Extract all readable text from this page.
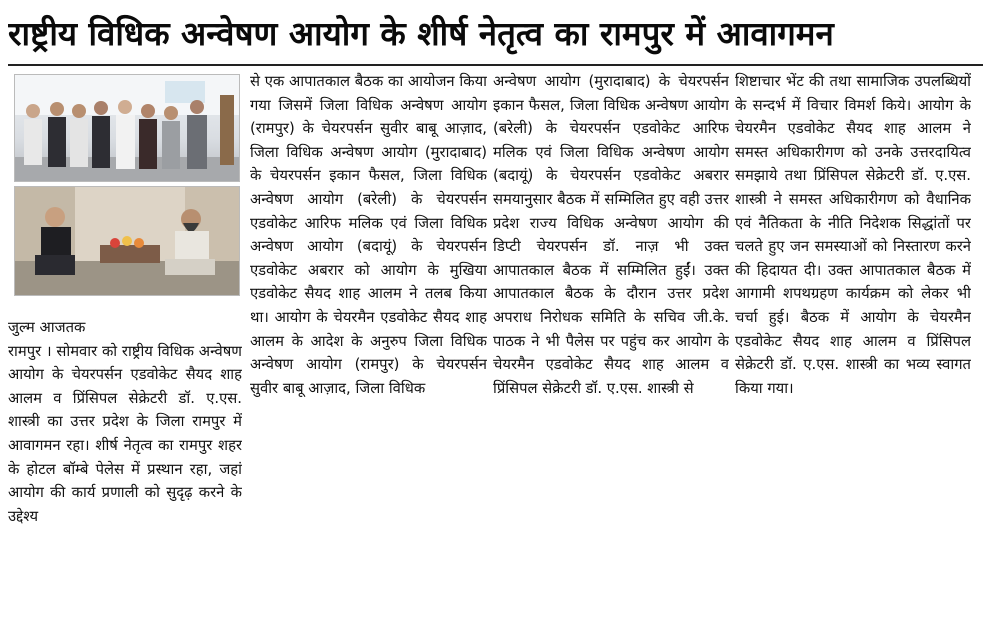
राष्ट्रीय विधिक अन्वेषण आयोग के शीर्ष नेतृत्व का रामपुर में आवागमन

जुल्म आजतक

रामपुर । सोमवार को राष्ट्रीय विधिक अन्वेषण आयोग के चेयरपर्सन एडवोकेट सैयद शाह आलम व प्रिंसिपल सेक्रेटरी डॉ. ए.एस. शास्त्री का उत्तर प्रदेश के जिला रामपुर में आवागमन रहा। शीर्ष नेतृत्व का रामपुर शहर के होटल बॉम्बे पेलेस में प्रस्थान रहा, जहां आयोग की कार्य प्रणाली को सुदृढ़ करने के उद्देश्य

से एक आपातकाल बैठक का आयोजन किया गया जिसमें जिला विधिक अन्वेषण आयोग (रामपुर) के चेयरपर्सन सुवीर बाबू आज़ाद, जिला विधिक अन्वेषण आयोग (मुरादाबाद) के चेयरपर्सन इकान फैसल, जिला विधिक अन्वेषण आयोग (बरेली) के चेयरपर्सन एडवोकेट आरिफ मलिक एवं जिला विधिक अन्वेषण आयोग (बदायूं) के चेयरपर्सन एडवोकेट अबरार को आयोग के मुखिया एडवोकेट सैयद शाह आलम ने तलब किया था। आयोग के चेयरमैन एडवोकेट सैयद शाह आलम के आदेश के अनुरुप जिला विधिक अन्वेषण आयोग (रामपुर) के चेयरपर्सन सुवीर बाबू आज़ाद, जिला विधिक

अन्वेषण आयोग (मुरादाबाद) के चेयरपर्सन इकान फैसल, जिला विधिक अन्वेषण आयोग (बरेली) के चेयरपर्सन एडवोकेट आरिफ मलिक एवं जिला विधिक अन्वेषण आयोग (बदायूं) के चेयरपर्सन एडवोकेट अबरार समयानुसार बैठक में सम्मिलित हुए वही उत्तर प्रदेश राज्य विधिक अन्वेषण आयोग की डिप्टी चेयरपर्सन डॉ. नाज़ भी उक्त आपातकाल बैठक में सम्मिलित हुईं। उक्त आपातकाल बैठक के दौरान उत्तर प्रदेश अपराध निरोधक समिति के सचिव जी.के. पाठक ने भी पैलेस पर पहुंच कर आयोग के चेयरमैन एडवोकेट सैयद शाह आलम व प्रिंसिपल सेक्रेटरी डॉ. ए.एस. शास्त्री से

शिष्टाचार भेंट की तथा सामाजिक उपलब्धियों के सन्दर्भ में विचार विमर्श किये। आयोग के चेयरमैन एडवोकेट सैयद शाह आलम ने समस्त अधिकारीगण को उनके उत्तरदायित्व समझाये तथा प्रिंसिपल सेक्रेटरी डॉ. ए.एस. शास्त्री ने समस्त अधिकारीगण को वैधानिक एवं नैतिकता के नीति निदेशक सिद्धांतों पर चलते हुए जन समस्याओं को निस्तारण करने की हिदायत दी। उक्त आपातकाल बैठक में आगामी शपथग्रहण कार्यक्रम को लेकर भी चर्चा हुई। बैठक में आयोग के चेयरमैन एडवोकेट सैयद शाह आलम व प्रिंसिपल सेक्रेटरी डॉ. ए.एस. शास्त्री का भव्य स्वागत किया गया।
